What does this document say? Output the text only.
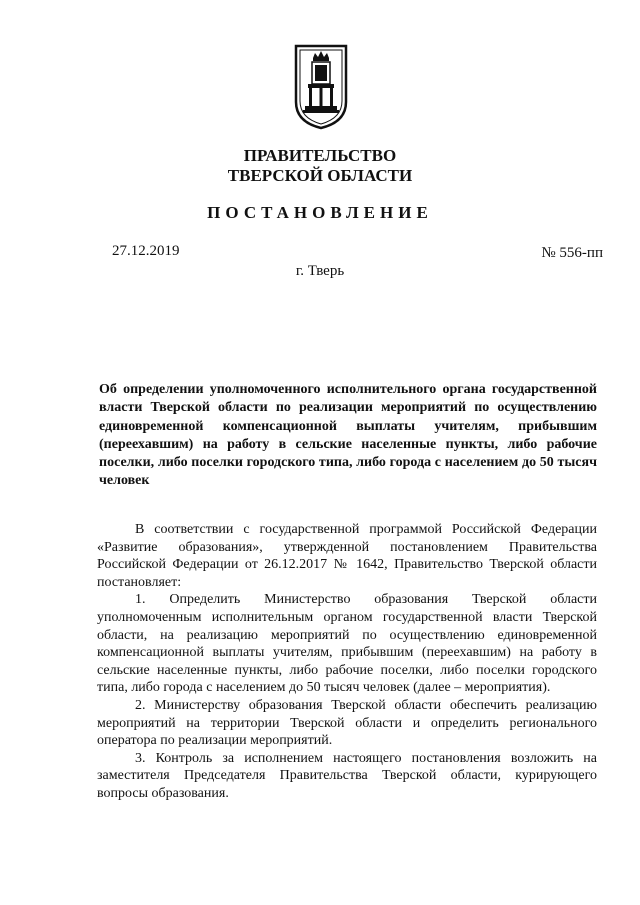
ПРАВИТЕЛЬСТВО
ТВЕРСКОЙ ОБЛАСТИ
ПОСТАНОВЛЕНИЕ
27.12.2019	№ 556-пп
г. Тверь
Об определении уполномоченного исполнительного органа государственной власти Тверской области по реализации мероприятий по осуществлению единовременной компенсационной выплаты учителям, прибывшим (переехавшим) на работу в сельские населенные пункты, либо рабочие поселки, либо поселки городского типа, либо города с населением до 50 тысяч человек

В соответствии с государственной программой Российской Федерации «Развитие образования», утвержденной постановлением Правительства Российской Федерации от 26.12.2017 № 1642, Правительство Тверской области постановляет:

1. Определить Министерство образования Тверской области уполномоченным исполнительным органом государственной власти Тверской области, на реализацию мероприятий по осуществлению единовременной компенсационной выплаты учителям, прибывшим (переехавшим) на работу в сельские населенные пункты, либо рабочие поселки, либо поселки городского типа, либо города с населением до 50 тысяч человек (далее – мероприятия).

2. Министерству образования Тверской области обеспечить реализацию мероприятий на территории Тверской области и определить регионального оператора по реализации мероприятий.

3. Контроль за исполнением настоящего постановления возложить на заместителя Председателя Правительства Тверской области, курирующего вопросы образования.
